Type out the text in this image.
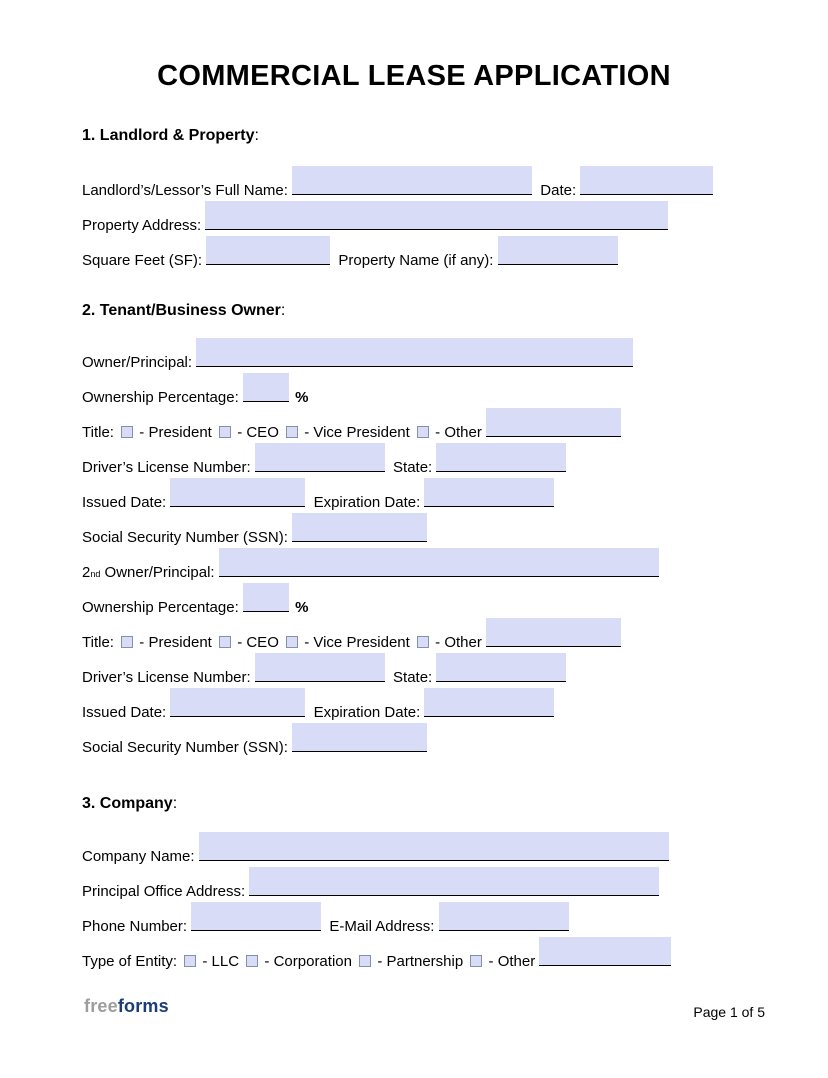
COMMERCIAL LEASE APPLICATION
1. Landlord & Property:
Landlord’s/Lessor’s Full Name:	Date:
Property Address:
Square Feet (SF):	Property Name (if any):
2. Tenant/Business Owner:
Owner/Principal:
Ownership Percentage:	%
Title: - President - CEO - Vice President - Other
Driver’s License Number:	State:
Issued Date:	Expiration Date:
Social Security Number (SSN):
2nd Owner/Principal:
Ownership Percentage:	%
Title: - President - CEO - Vice President - Other
Driver’s License Number:	State:
Issued Date:	Expiration Date:
Social Security Number (SSN):
3. Company:
Company Name:
Principal Office Address:
Phone Number:	E-Mail Address:
Type of Entity: - LLC - Corporation - Partnership - Other
freeforms	Page 1 of 5
